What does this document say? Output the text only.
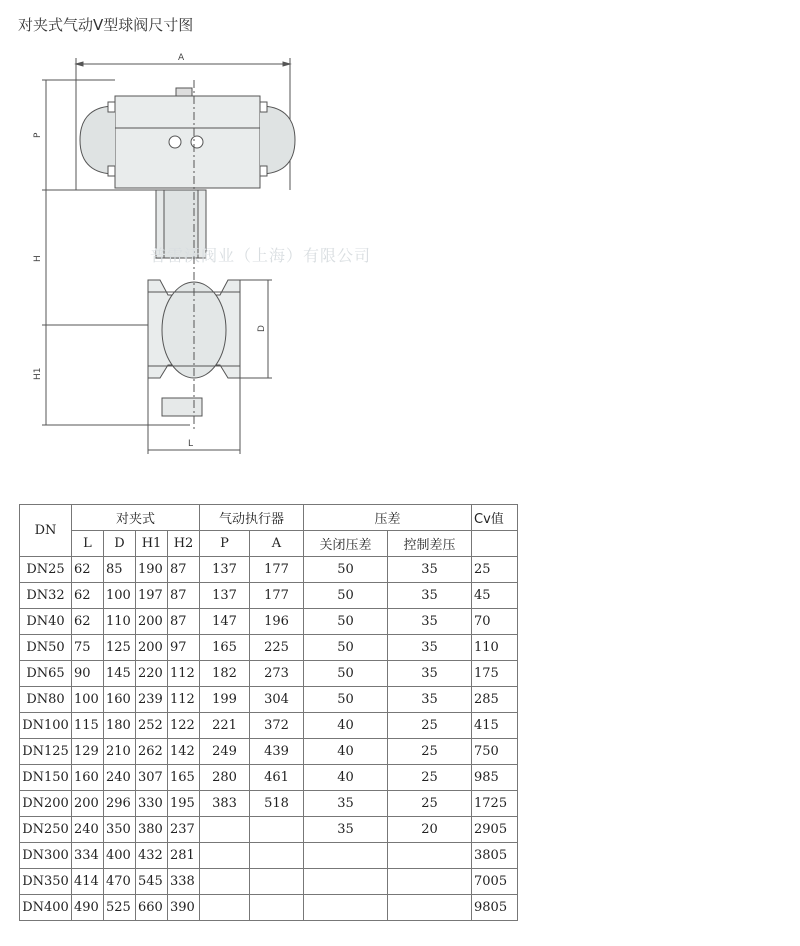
对夹式气动V型球阀尺寸图
A
P
H
D
H1
L
普雷沃阀业（上海）有限公司
DN	对夹式				气动执行器		压差		Cv值
	L	D	H1	H2	P	A	关闭压差	控制差压	
DN25	62	85	190	87	137	177	50	35	25
DN32	62	100	197	87	137	177	50	35	45
DN40	62	110	200	87	147	196	50	35	70
DN50	75	125	200	97	165	225	50	35	110
DN65	90	145	220	112	182	273	50	35	175
DN80	100	160	239	112	199	304	50	35	285
DN100	115	180	252	122	221	372	40	25	415
DN125	129	210	262	142	249	439	40	25	750
DN150	160	240	307	165	280	461	40	25	985
DN200	200	296	330	195	383	518	35	25	1725
DN250	240	350	380	237			35	20	2905
DN300	334	400	432	281					3805
DN350	414	470	545	338					7005
DN400	490	525	660	390					9805
